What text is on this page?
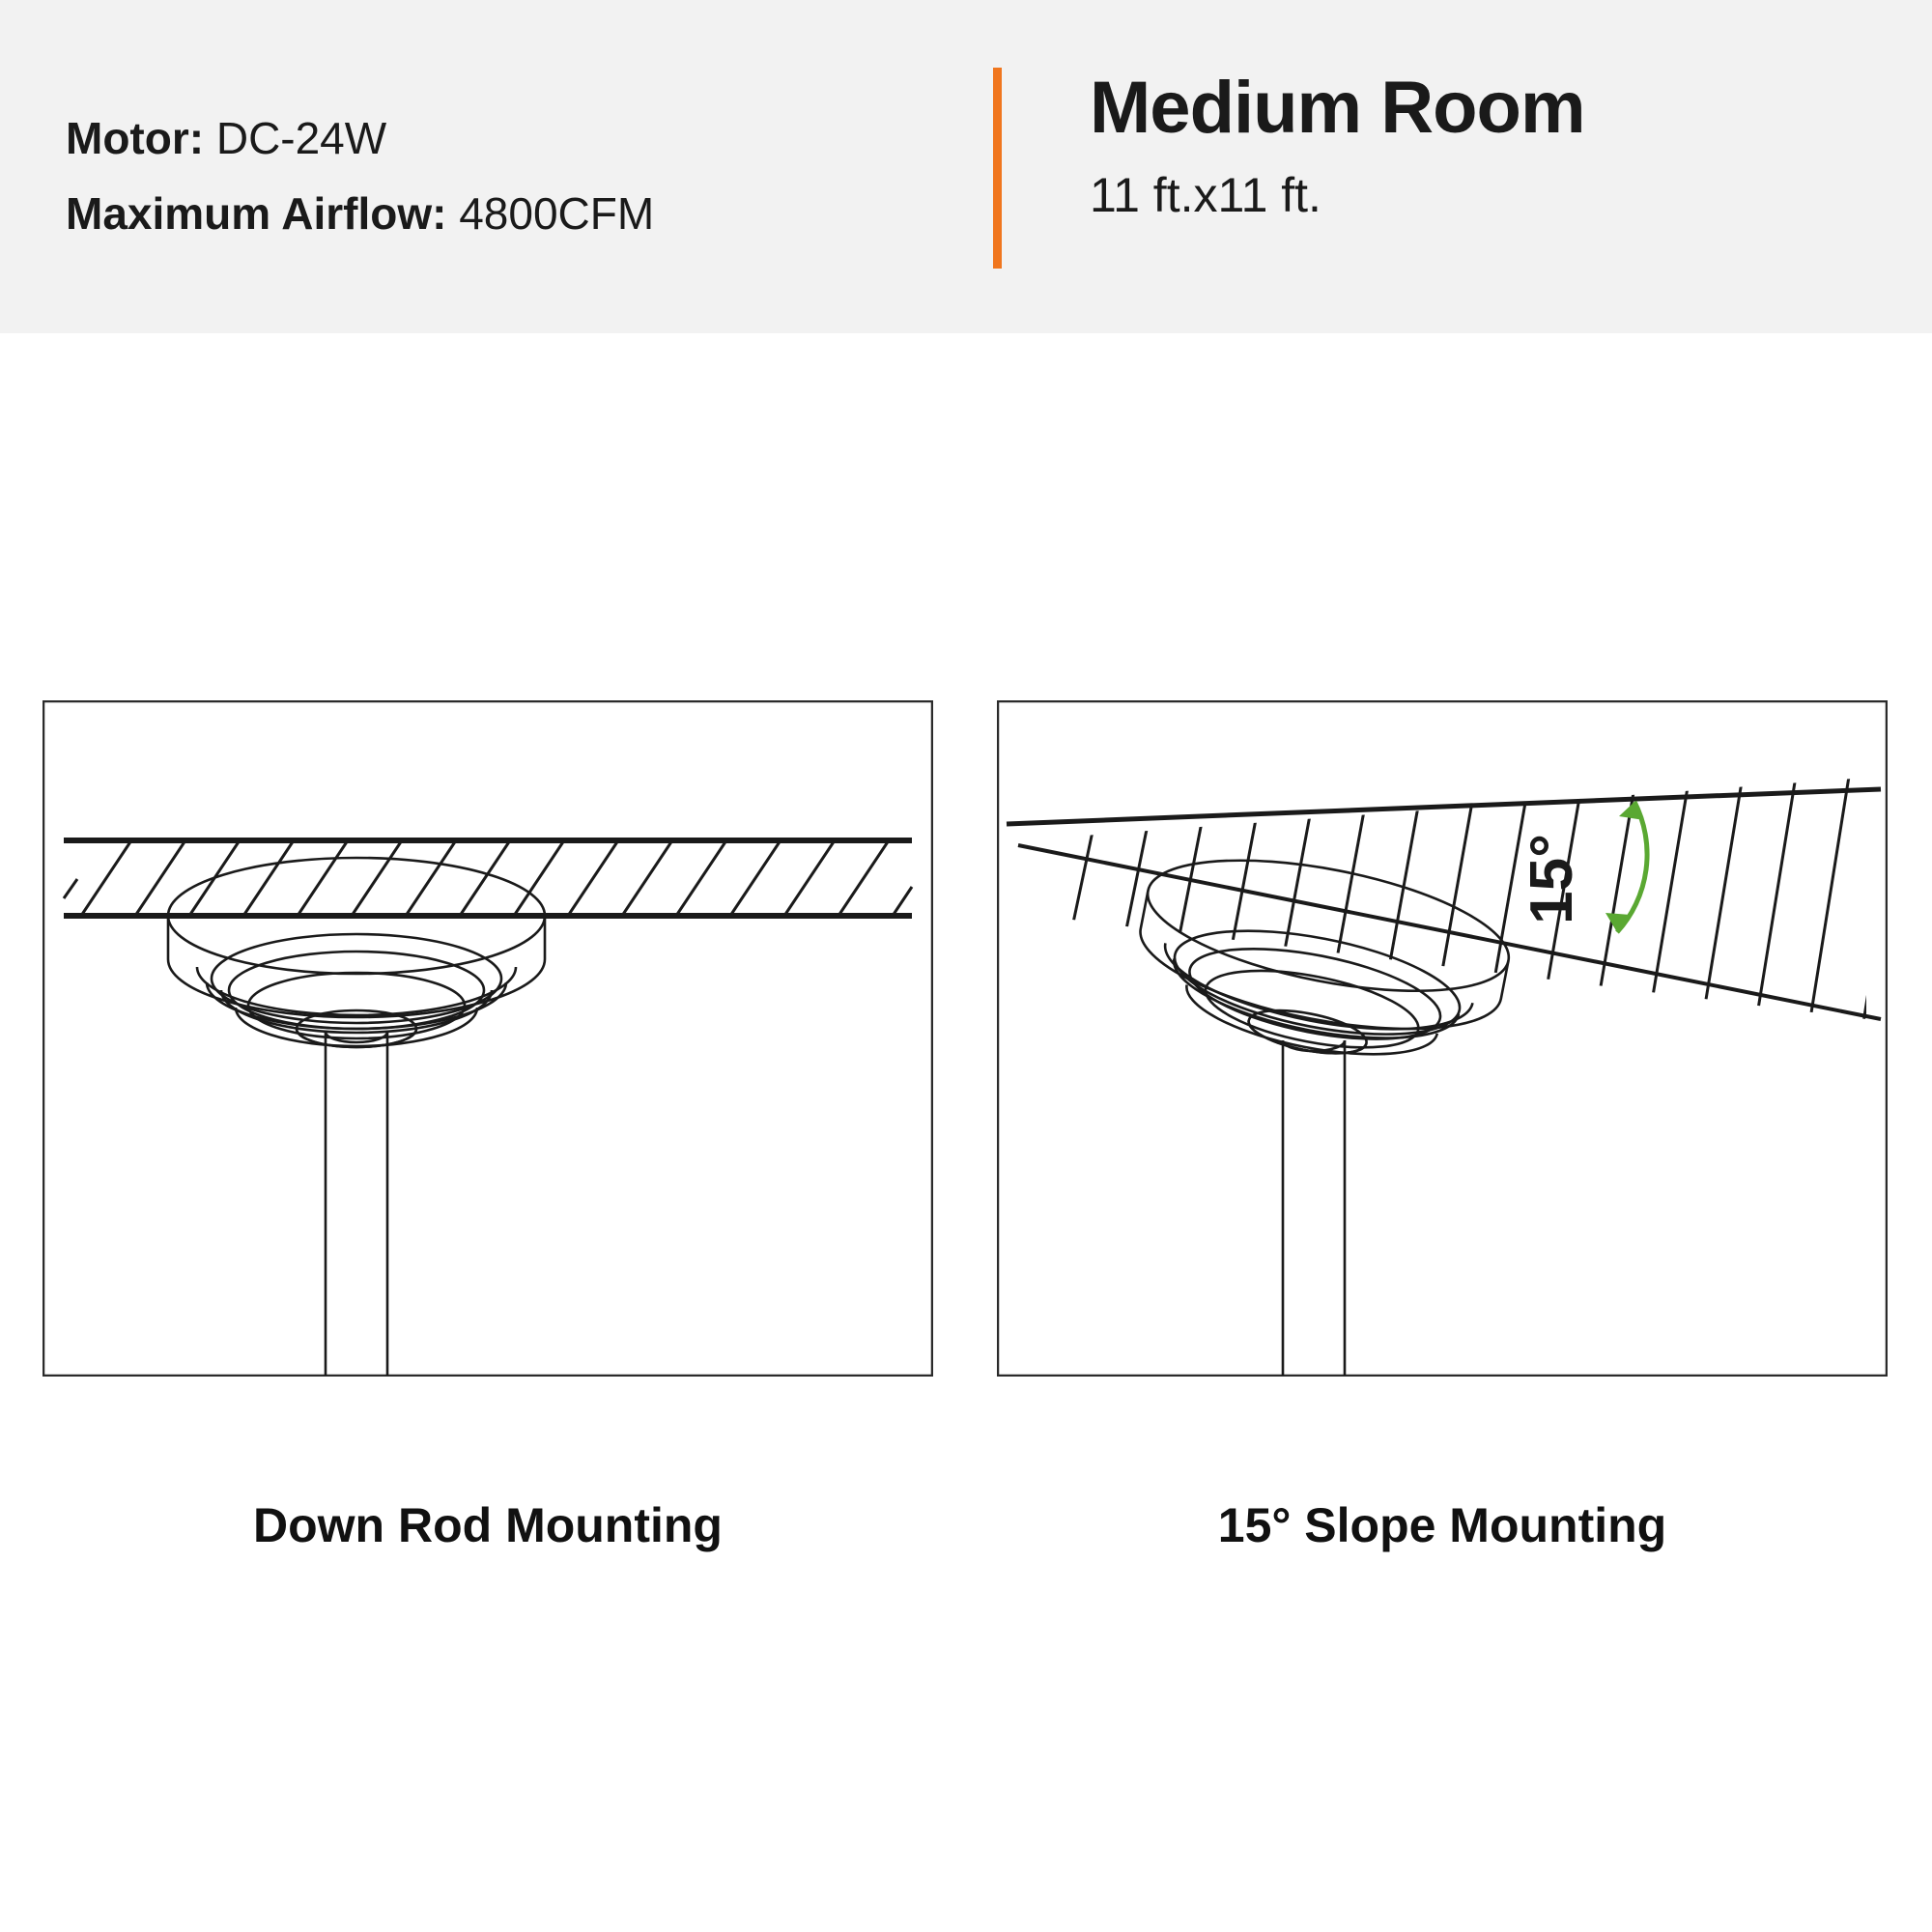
Motor: DC-24W
Maximum Airflow: 4800CFM
Medium Room
11 ft.x11 ft.
Down Rod Mounting
15°
15° Slope Mounting
